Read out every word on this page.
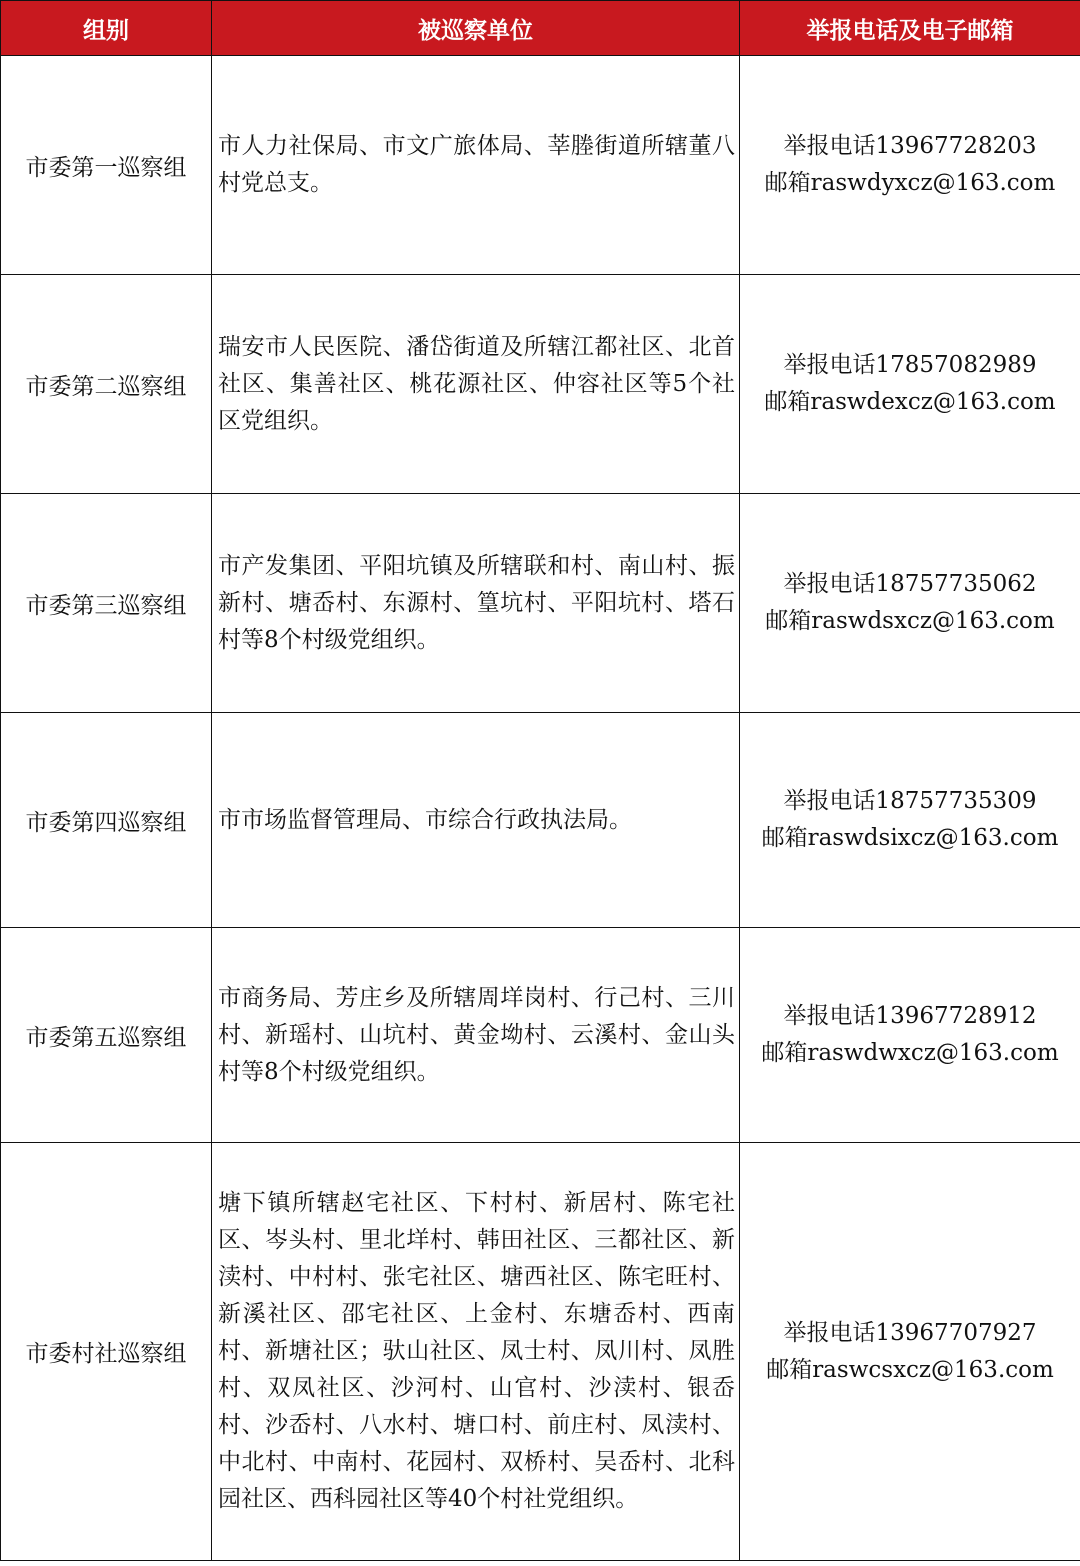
组别	被巡察单位	举报电话及电子邮箱
市委第一巡察组	市人力社保局、市文广旅体局、莘塍街道所辖董八村党总支。	举报电话13967728203
邮箱raswdyxcz@163.com

市委第二巡察组	瑞安市人民医院、潘岱街道及所辖江都社区、北首社区、集善社区、桃花源社区、仲容社区等5个社区党组织。	举报电话17857082989
邮箱raswdexcz@163.com

市委第三巡察组	市产发集团、平阳坑镇及所辖联和村、南山村、振新村、塘岙村、东源村、篁坑村、平阳坑村、塔石村等8个村级党组织。	举报电话18757735062
邮箱raswdsxcz@163.com

市委第四巡察组	市市场监督管理局、市综合行政执法局。	举报电话18757735309
邮箱raswdsixcz@163.com

市委第五巡察组	市商务局、芳庄乡及所辖周垟岗村、行己村、三川村、新瑶村、山坑村、黄金坳村、云溪村、金山头村等8个村级党组织。	举报电话13967728912
邮箱raswdwxcz@163.com

市委村社巡察组	塘下镇所辖赵宅社区、下村村、新居村、陈宅社区、岑头村、里北垟村、韩田社区、三都社区、新渎村、中村村、张宅社区、塘西社区、陈宅旺村、新溪社区、邵宅社区、上金村、东塘岙村、西南村、新塘社区；驮山社区、凤士村、凤川村、凤胜村、双凤社区、沙河村、山官村、沙渎村、银岙村、沙岙村、八水村、塘口村、前庄村、凤渎村、中北村、中南村、花园村、双桥村、吴岙村、北科园社区、西科园社区等40个村社党组织。	举报电话13967707927
邮箱raswcsxcz@163.com
